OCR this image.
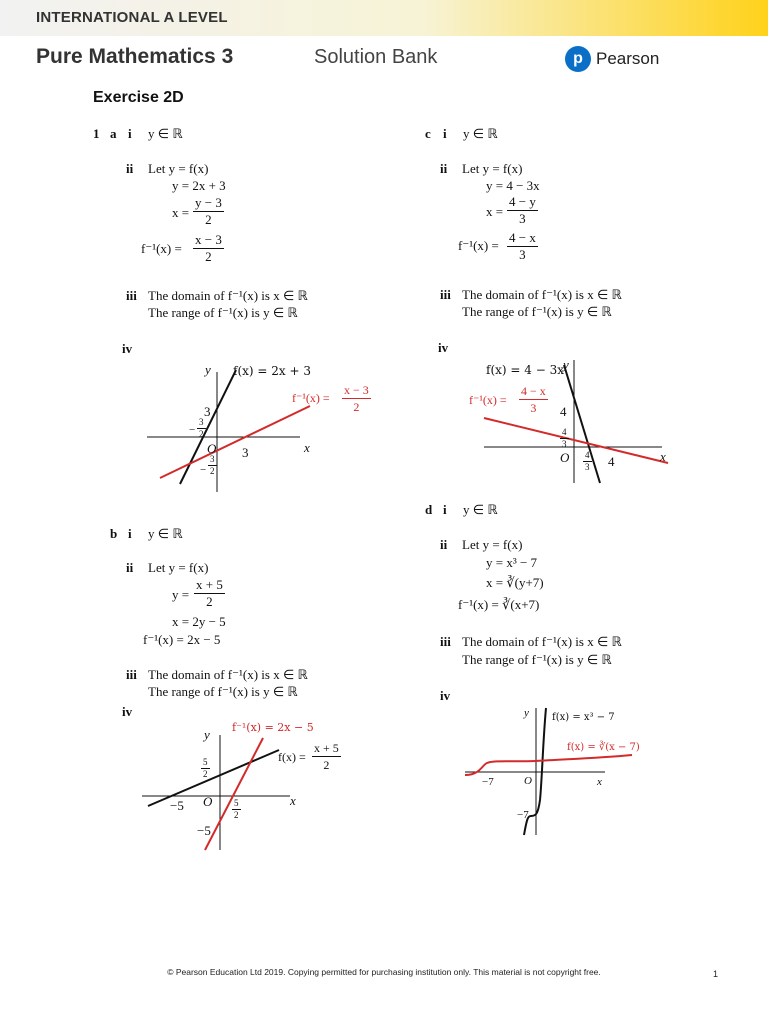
INTERNATIONAL A LEVEL
Pure Mathematics 3	Solution Bank	p Pearson
Exercise 2D
1 a i y ∈ ℝ
ii Let y = f(x)
y = 2x + 3
x =
y − 3
2
f⁻¹(x) =
x − 3
2
iii The domain of f⁻¹(x) is x ∈ ℝ
The range of f⁻¹(x) is y ∈ ℝ
iv
y
x
O
3
3
−
3
2
−
3
2
f(x) = 2x + 3
f⁻¹(x) =
x − 3
2
b i y ∈ ℝ
ii Let y = f(x)
y =
x + 5
2
x = 2y − 5
f⁻¹(x) = 2x − 5
iii The domain of f⁻¹(x) is x ∈ ℝ
The range of f⁻¹(x) is y ∈ ℝ
iv
y
x
O
−5
−5
5
2
5
2
f⁻¹(x) = 2x − 5
f(x) =
x + 5
2
c i y ∈ ℝ
ii Let y = f(x)
y = 4 − 3x
x =
4 − y
3
f⁻¹(x) =
4 − x
3
iii The domain of f⁻¹(x) is x ∈ ℝ
The range of f⁻¹(x) is y ∈ ℝ
iv
y
x
O
4
4
4
3
4
3
f(x) = 4 − 3x
f⁻¹(x) =
4 − x
3
d i y ∈ ℝ
ii Let y = f(x)
y = x³ − 7
x = ∛(y+7)
f⁻¹(x) = ∛(x+7)
iii The domain of f⁻¹(x) is x ∈ ℝ
The range of f⁻¹(x) is y ∈ ℝ
iv
y
x
O
−7
−7
f(x) = x³ − 7
f(x) = ∛(x − 7)
© Pearson Education Ltd 2019. Copying permitted for purchasing institution only. This material is not copyright free.	1
